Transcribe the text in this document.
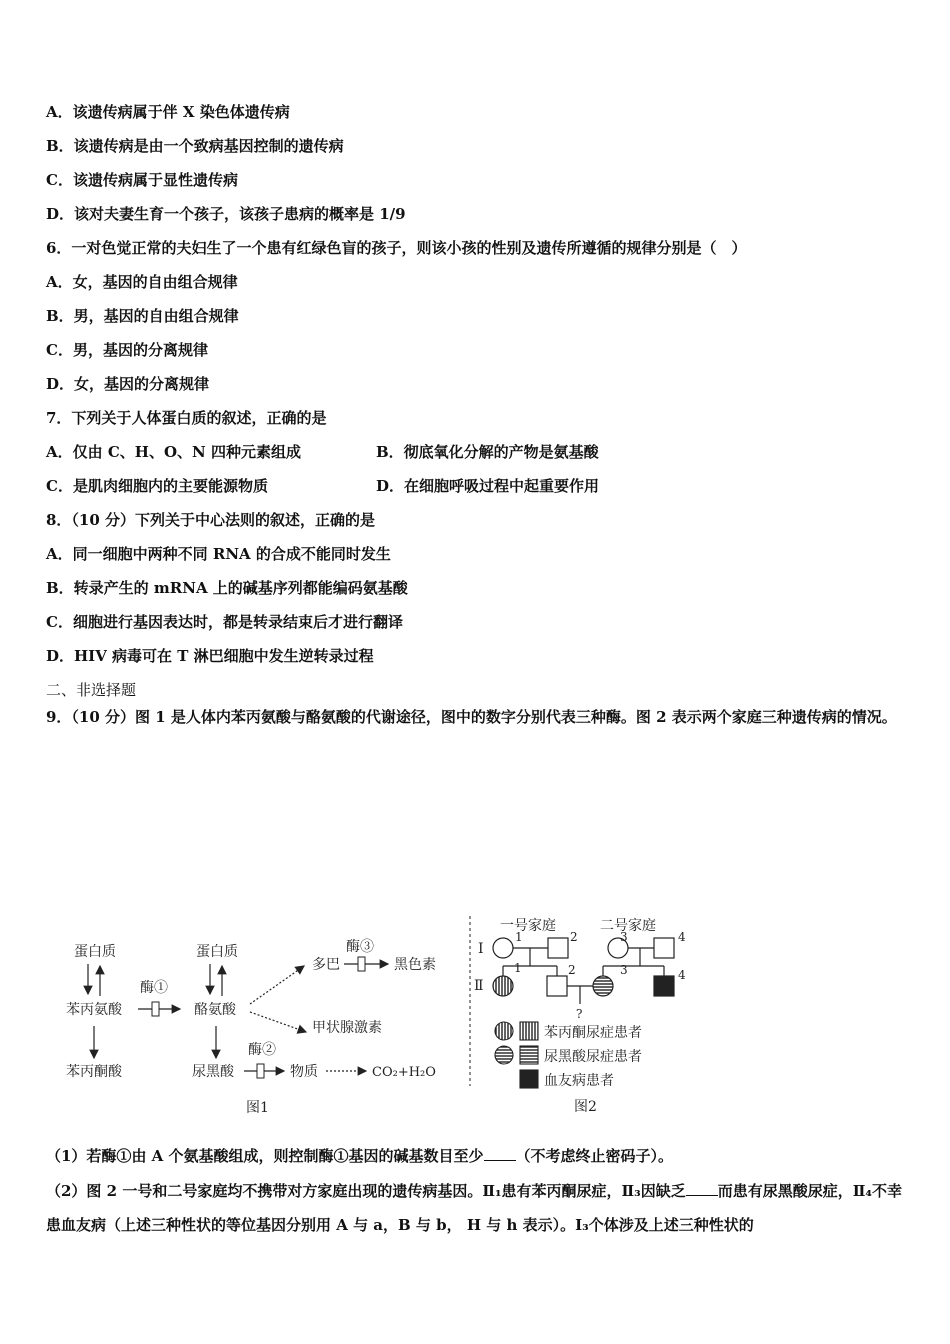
A．该遗传病属于伴 X 染色体遗传病
B．该遗传病是由一个致病基因控制的遗传病
C．该遗传病属于显性遗传病
D．该对夫妻生育一个孩子，该孩子患病的概率是 1/9
6．一对色觉正常的夫妇生了一个患有红绿色盲的孩子，则该小孩的性别及遗传所遵循的规律分别是（　）
A．女，基因的自由组合规律
B．男，基因的自由组合规律
C．男，基因的分离规律
D．女，基因的分离规律
7．下列关于人体蛋白质的叙述，正确的是
A．仅由 C、H、O、N 四种元素组成	B．彻底氧化分解的产物是氨基酸
C．是肌肉细胞内的主要能源物质	D．在细胞呼吸过程中起重要作用
8．（10 分）下列关于中心法则的叙述，正确的是
A．同一细胞中两种不同 RNA 的合成不能同时发生
B．转录产生的 mRNA 上的碱基序列都能编码氨基酸
C．细胞进行基因表达时，都是转录结束后才进行翻译
D．HIV 病毒可在 T 淋巴细胞中发生逆转录过程
二、非选择题
9．（10 分）图 1 是人体内苯丙氨酸与酪氨酸的代谢途径，图中的数字分别代表三种酶。图 2 表示两个家庭三种遗传病的情况。
蛋白质
苯丙氨酸
苯丙酮酸
酶①
蛋白质
酪氨酸
尿黑酸
多巴
酶③
黑色素
甲状腺激素
酶②
物质	CO₂+H₂O
图1
一号家庭	二号家庭
I
Ⅱ
1	2	3	4
1	2	3	4
?
苯丙酮尿症患者
尿黑酸尿症患者
血友病患者
图2
（1）若酶①由 A 个氨基酸组成，则控制酶①基因的碱基数目至少 （不考虑终止密码子）。
（2）图 2 一号和二号家庭均不携带对方家庭出现的遗传病基因。Ⅱ₁患有苯丙酮尿症，Ⅱ₃因缺乏 而患有尿黑酸尿症，Ⅱ₄不幸患血友病（上述三种性状的等位基因分别用 A 与 a，B 与 b， H 与 h 表示）。I₃个体涉及上述三种性状的
